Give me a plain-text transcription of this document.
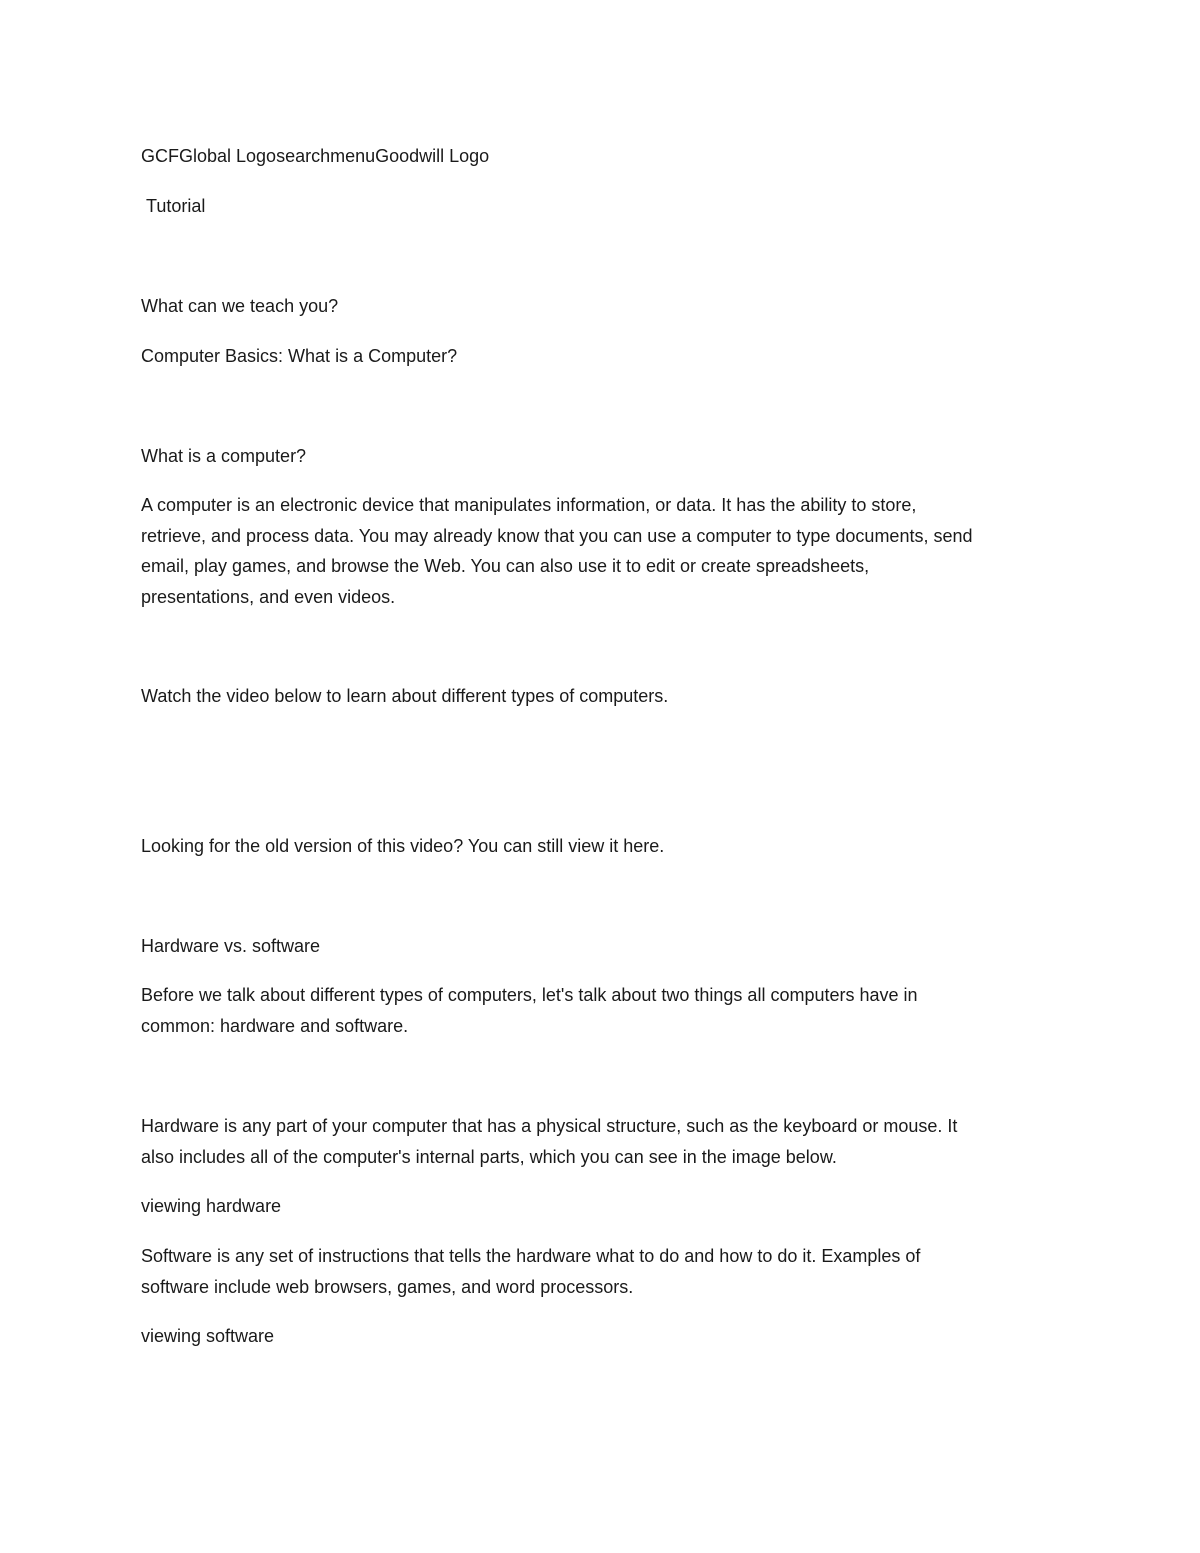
GCFGlobal LogosearchmenuGoodwill Logo

Tutorial

What can we teach you?

Computer Basics: What is a Computer?

What is a computer?

A computer is an electronic device that manipulates information, or data. It has the ability to store,
retrieve, and process data. You may already know that you can use a computer to type documents, send
email, play games, and browse the Web. You can also use it to edit or create spreadsheets,
presentations, and even videos.

Watch the video below to learn about different types of computers.

Looking for the old version of this video? You can still view it here.

Hardware vs. software

Before we talk about different types of computers, let's talk about two things all computers have in
common: hardware and software.
Hardware is any part of your computer that has a physical structure, such as the keyboard or mouse. It
also includes all of the computer's internal parts, which you can see in the image below.

viewing hardware

Software is any set of instructions that tells the hardware what to do and how to do it. Examples of
software include web browsers, games, and word processors.

viewing software
